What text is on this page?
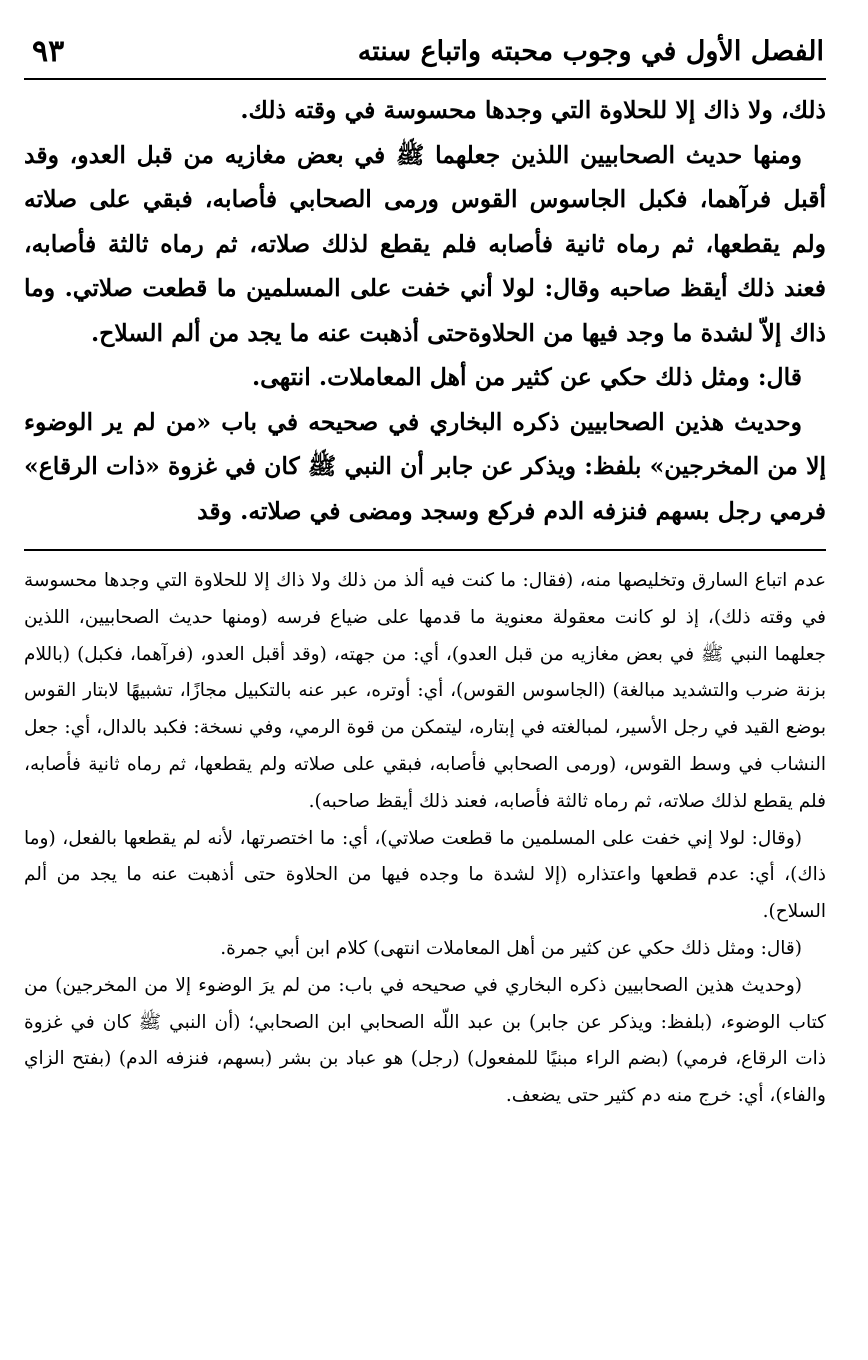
الفصل الأول في وجوب محبته واتباع سنته
٩٣

ذلك، ولا ذاك إلا للحلاوة التي وجدها محسوسة في وقته ذلك.

ومنها حديث الصحابيين اللذين جعلهما ﷺ في بعض مغازيه من قبل العدو، وقد أقبل فرآهما، فكبل الجاسوس القوس ورمى الصحابي فأصابه، فبقي على صلاته ولم يقطعها، ثم رماه ثانية فأصابه فلم يقطع لذلك صلاته، ثم رماه ثالثة فأصابه، فعند ذلك أيقظ صاحبه وقال: لولا أني خفت على المسلمين ما قطعت صلاتي. وما ذاك إلاّ لشدة ما وجد فيها من الحلاوةحتى أذهبت عنه ما يجد من ألم السلاح.

قال: ومثل ذلك حكي عن كثير من أهل المعاملات. انتهى.

وحديث هذين الصحابيين ذكره البخاري في صحيحه في باب «من لم ير الوضوء إلا من المخرجين» بلفظ: ويذكر عن جابر أن النبي ﷺ كان في غزوة «ذات الرقاع» فرمي رجل بسهم فنزفه الدم فركع وسجد ومضى في صلاته. وقد

عدم اتباع السارق وتخليصها منه، (فقال: ما كنت فيه ألذ من ذلك ولا ذاك إلا للحلاوة التي وجدها محسوسة في وقته ذلك)، إذ لو كانت معقولة معنوية ما قدمها على ضياع فرسه (ومنها حديث الصحابيين، اللذين جعلهما النبي ﷺ في بعض مغازيه من قبل العدو)، أي: من جهته، (وقد أقبل العدو، (فرآهما، فكبل) (باللام بزنة ضرب والتشديد مبالغة) (الجاسوس القوس)، أي: أوتره، عبر عنه بالتكبيل مجازًا، تشبيهًا لابتار القوس بوضع القيد في رجل الأسير، لمبالغته في إبتاره، ليتمكن من قوة الرمي، وفي نسخة: فكبد بالدال، أي: جعل النشاب في وسط القوس، (ورمى الصحابي فأصابه، فبقي على صلاته ولم يقطعها، ثم رماه ثانية فأصابه، فلم يقطع لذلك صلاته، ثم رماه ثالثة فأصابه، فعند ذلك أيقظ صاحبه).

(وقال: لولا إني خفت على المسلمين ما قطعت صلاتي)، أي: ما اختصرتها، لأنه لم يقطعها بالفعل، (وما ذاك)، أي: عدم قطعها واعتذاره (إلا لشدة ما وجده فيها من الحلاوة حتى أذهبت عنه ما يجد من ألم السلاح).

(قال: ومثل ذلك حكي عن كثير من أهل المعاملات انتهى) كلام ابن أبي جمرة.

(وحديث هذين الصحابيين ذكره البخاري في صحيحه في باب: من لم يرَ الوضوء إلا من المخرجين) من كتاب الوضوء، (بلفظ: ويذكر عن جابر) بن عبد اللّه الصحابي ابن الصحابي؛ (أن النبي ﷺ كان في غزوة ذات الرقاع، فرمي) (بضم الراء مبنيًا للمفعول) (رجل) هو عباد بن بشر (بسهم، فنزفه الدم) (بفتح الزاي والفاء)، أي: خرج منه دم كثير حتى يضعف.
